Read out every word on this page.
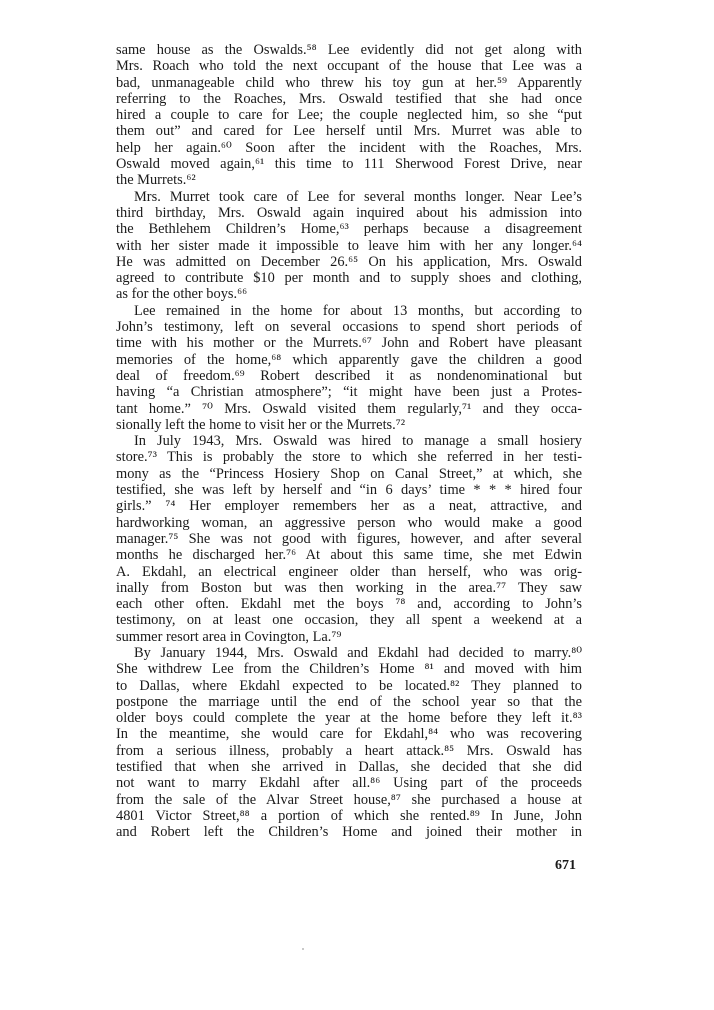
same house as the Oswalds.⁵⁸ Lee evidently did not get along with
Mrs. Roach who told the next occupant of the house that Lee was a
bad, unmanageable child who threw his toy gun at her.⁵⁹ Apparently
referring to the Roaches, Mrs. Oswald testified that she had once
hired a couple to care for Lee; the couple neglected him, so she “put
them out” and cared for Lee herself until Mrs. Murret was able to
help her again.⁶⁰ Soon after the incident with the Roaches, Mrs.
Oswald moved again,⁶¹ this time to 111 Sherwood Forest Drive, near
the Murrets.⁶²
Mrs. Murret took care of Lee for several months longer. Near Lee’s
third birthday, Mrs. Oswald again inquired about his admission into
the Bethlehem Children’s Home,⁶³ perhaps because a disagreement
with her sister made it impossible to leave him with her any longer.⁶⁴
He was admitted on December 26.⁶⁵ On his application, Mrs. Oswald
agreed to contribute $10 per month and to supply shoes and clothing,
as for the other boys.⁶⁶
Lee remained in the home for about 13 months, but according to
John’s testimony, left on several occasions to spend short periods of
time with his mother or the Murrets.⁶⁷ John and Robert have pleasant
memories of the home,⁶⁸ which apparently gave the children a good
deal of freedom.⁶⁹ Robert described it as nondenominational but
having “a Christian atmosphere”; “it might have been just a Protes-
tant home.” ⁷⁰ Mrs. Oswald visited them regularly,⁷¹ and they occa-
sionally left the home to visit her or the Murrets.⁷²
In July 1943, Mrs. Oswald was hired to manage a small hosiery
store.⁷³ This is probably the store to which she referred in her testi-
mony as the “Princess Hosiery Shop on Canal Street,” at which, she
testified, she was left by herself and “in 6 days’ time * * * hired four
girls.” ⁷⁴ Her employer remembers her as a neat, attractive, and
hardworking woman, an aggressive person who would make a good
manager.⁷⁵ She was not good with figures, however, and after several
months he discharged her.⁷⁶ At about this same time, she met Edwin
A. Ekdahl, an electrical engineer older than herself, who was orig-
inally from Boston but was then working in the area.⁷⁷ They saw
each other often. Ekdahl met the boys ⁷⁸ and, according to John’s
testimony, on at least one occasion, they all spent a weekend at a
summer resort area in Covington, La.⁷⁹
By January 1944, Mrs. Oswald and Ekdahl had decided to marry.⁸⁰
She withdrew Lee from the Children’s Home ⁸¹ and moved with him
to Dallas, where Ekdahl expected to be located.⁸² They planned to
postpone the marriage until the end of the school year so that the
older boys could complete the year at the home before they left it.⁸³
In the meantime, she would care for Ekdahl,⁸⁴ who was recovering
from a serious illness, probably a heart attack.⁸⁵ Mrs. Oswald has
testified that when she arrived in Dallas, she decided that she did
not want to marry Ekdahl after all.⁸⁶ Using part of the proceeds
from the sale of the Alvar Street house,⁸⁷ she purchased a house at
4801 Victor Street,⁸⁸ a portion of which she rented.⁸⁹ In June, John
and Robert left the Children’s Home and joined their mother in
671
